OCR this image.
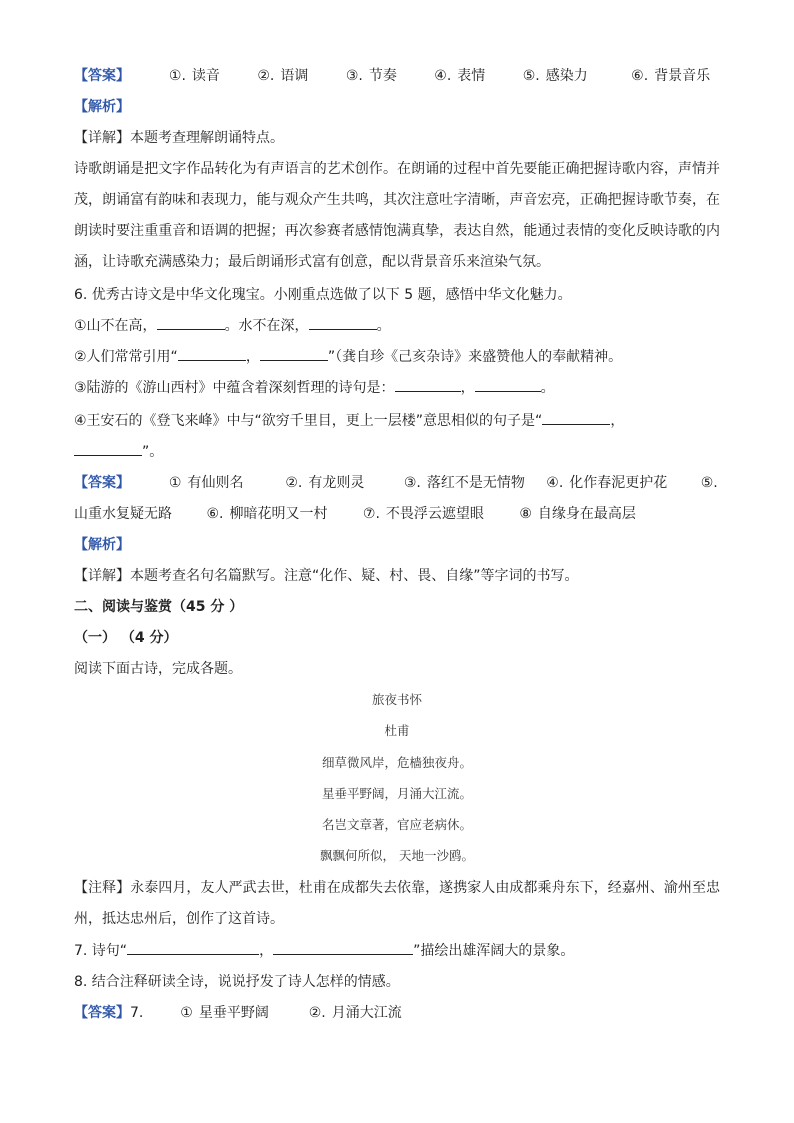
【答案】	①. 读音	②. 语调	③. 节奏	④. 表情	⑤. 感染力	⑥. 背景音乐
【解析】
【详解】本题考查理解朗诵特点。
诗歌朗诵是把文字作品转化为有声语言的艺术创作。在朗诵的过程中首先要能正确把握诗歌内容，声情并
茂，朗诵富有韵味和表现力，能与观众产生共鸣，其次注意吐字清晰，声音宏亮，正确把握诗歌节奏，在
朗读时要注重重音和语调的把握；再次参赛者感情饱满真挚，表达自然，能通过表情的变化反映诗歌的内
涵，让诗歌充满感染力；最后朗诵形式富有创意，配以背景音乐来渲染气氛。
6. 优秀古诗文是中华文化瑰宝。小刚重点选做了以下 5 题，感悟中华文化魅力。
①山不在高，	。水不在深，	。
②人们常常引用“	，	”（龚自珍《己亥杂诗》来盛赞他人的奉献精神。
③陆游的《游山西村》中蕴含着深刻哲理的诗句是：	，	。
④王安石的《登飞来峰》中与“欲穷千里目，更上一层楼”意思相似的句子是“	，
”。
【答案】	① 有仙则名	②. 有龙则灵	③. 落红不是无情物 ④. 化作春泥更护花 ⑤.
山重水复疑无路 ⑥. 柳暗花明又一村	⑦. 不畏浮云遮望眼	⑧ 自缘身在最高层
【解析】
【详解】本题考查名句名篇默写。注意“化作、疑、村、畏、自缘”等字词的书写。
二、阅读与鉴赏（45 分 ）
（一） （4 分）
阅读下面古诗，完成各题。
旅夜书怀
杜甫
细草微风岸，危樯独夜舟。
星垂平野阔，月涌大江流。
名岂文章著，官应老病休。
飘飘何所似， 天地一沙鸥。
【注释】永泰四月，友人严武去世，杜甫在成都失去依靠，遂携家人由成都乘舟东下，经嘉州、渝州至忠
州，抵达忠州后，创作了这首诗。
7. 诗句“	，	”描绘出雄浑阔大的景象。
8. 结合注释研读全诗，说说抒发了诗人怎样的情感。
【答案】7.	① 星垂平野阔	②. 月涌大江流
